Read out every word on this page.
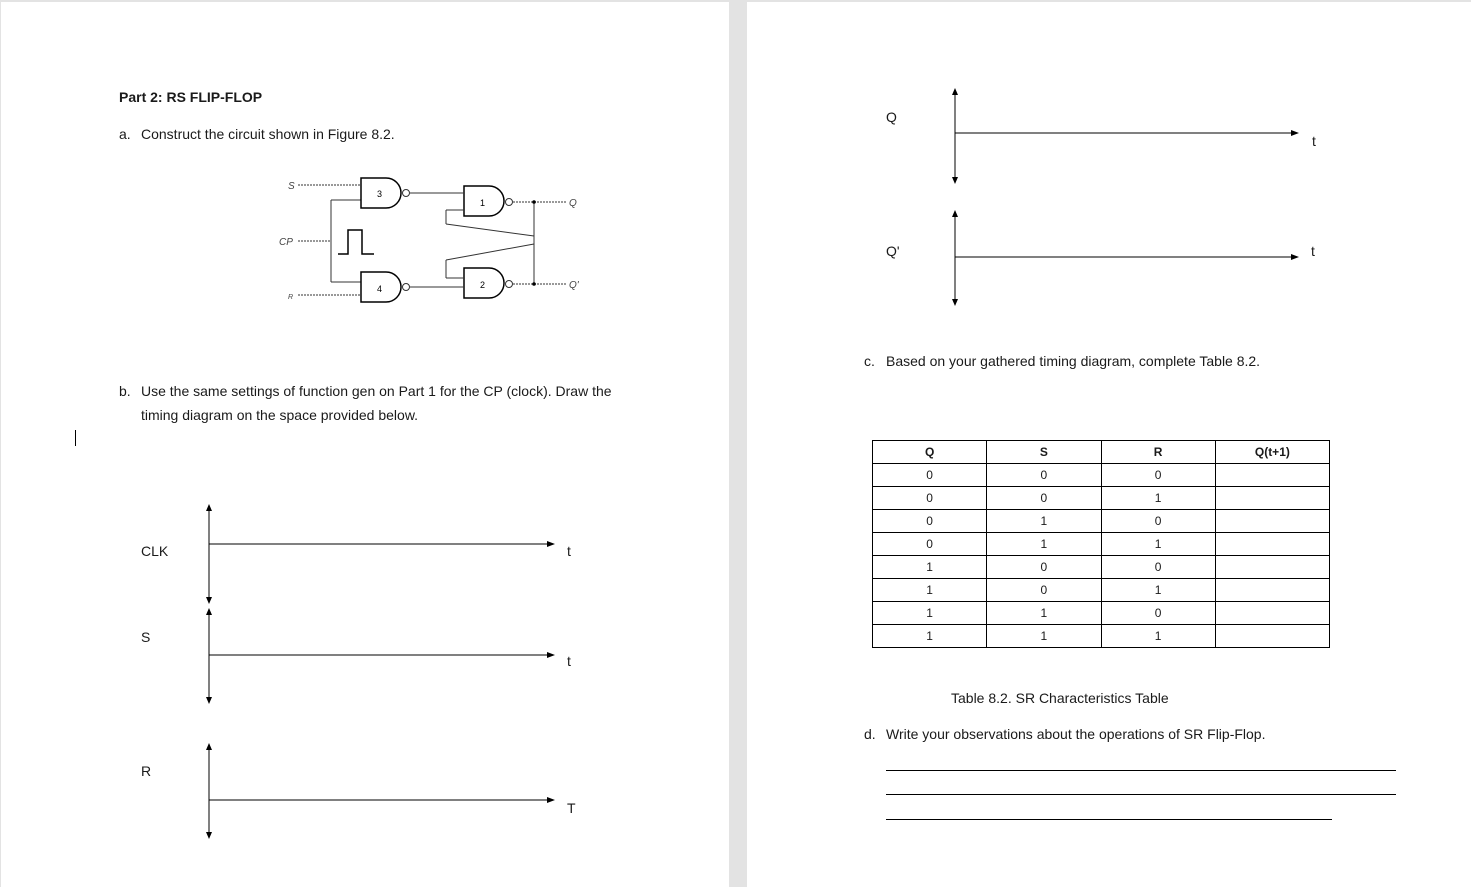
Part 2: RS FLIP-FLOP
a. Construct the circuit shown in Figure 8.2.
S
CP
R
Q
Q'
3
1
4	2
b. Use the same settings of function gen on Part 1 for the CP (clock). Draw the
timing diagram on the space provided below.
CLK	t
S
t
R
T
Q
t
Q'	t
c. Based on your gathered timing diagram, complete Table 8.2.
Q	S	R	Q(t+1)
0	0	0	
0	0	1	
0	1	0	
0	1	1	
1	0	0	
1	0	1	
1	1	0	
1	1	1	
Table 8.2. SR Characteristics Table
d. Write your observations about the operations of SR Flip-Flop.
